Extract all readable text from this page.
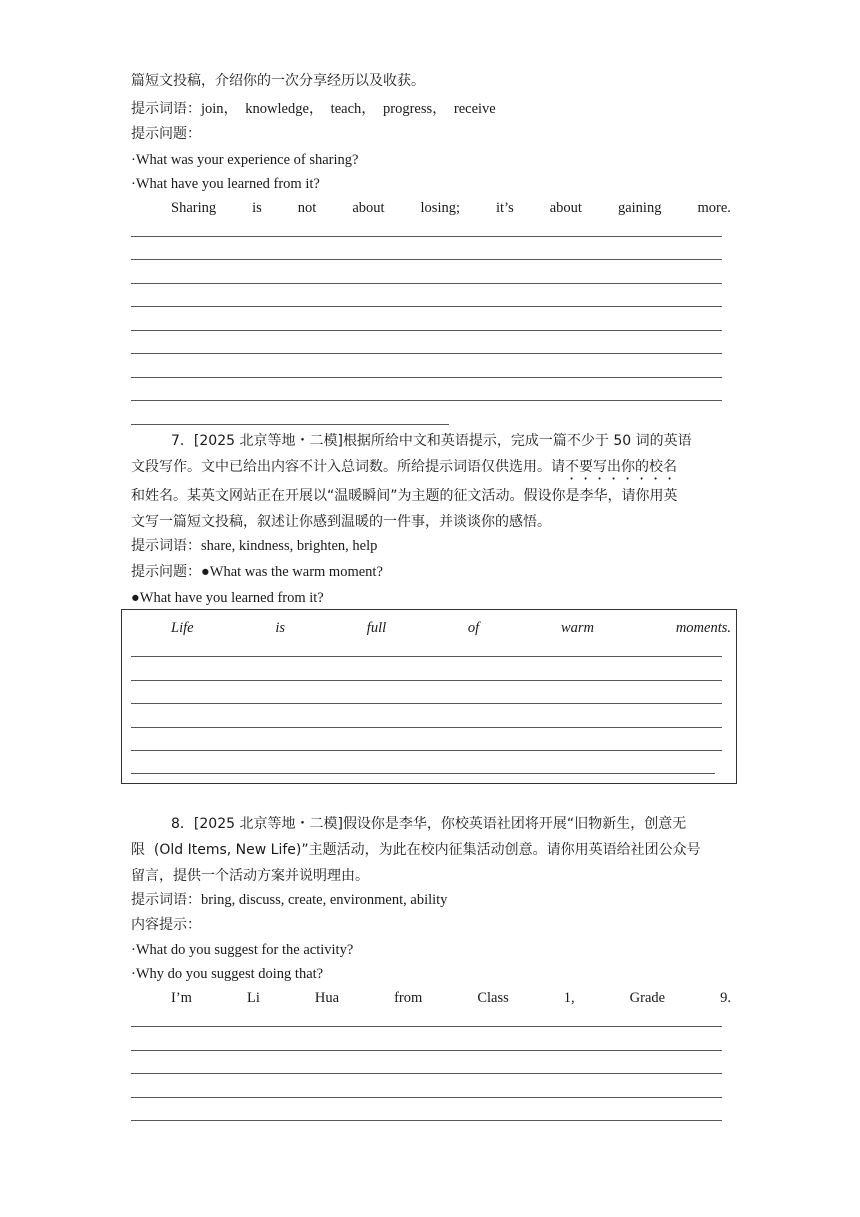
篇短文投稿，介绍你的一次分享经历以及收获。
提示词语：join，  knowledge，  teach，  progress，  receive
提示问题：
·What was your experience of sharing?
·What have you learned from it?
Sharing is not about losing; it’s about gaining more.
7．[2025 北京等地・二模]根据所给中文和英语提示，完成一篇不少于 50 词的英语
文段写作。文中已给出内容不计入总词数。所给提示词语仅供选用。请不要写出你的校名
和姓名。某英文网站正在开展以“温暖瞬间”为主题的征文活动。假设你是李华，请你用英
文写一篇短文投稿，叙述让你感到温暖的一件事，并谈谈你的感悟。
提示词语：share, kindness, brighten, help
提示问题：●What was the warm moment?
●What have you learned from it?
Life	is	full	of	warm	moments.
8．[2025 北京等地・二模]假设你是李华，你校英语社团将开展“旧物新生，创意无
限  (Old Items, New Life)”主题活动，为此在校内征集活动创意。请你用英语给社团公众号
留言，提供一个活动方案并说明理由。
提示词语：bring, discuss, create, environment, ability
内容提示：
·What do you suggest for the activity?
·Why do you suggest doing that?
I’m	Li	Hua	from	Class	1,	Grade	9.
